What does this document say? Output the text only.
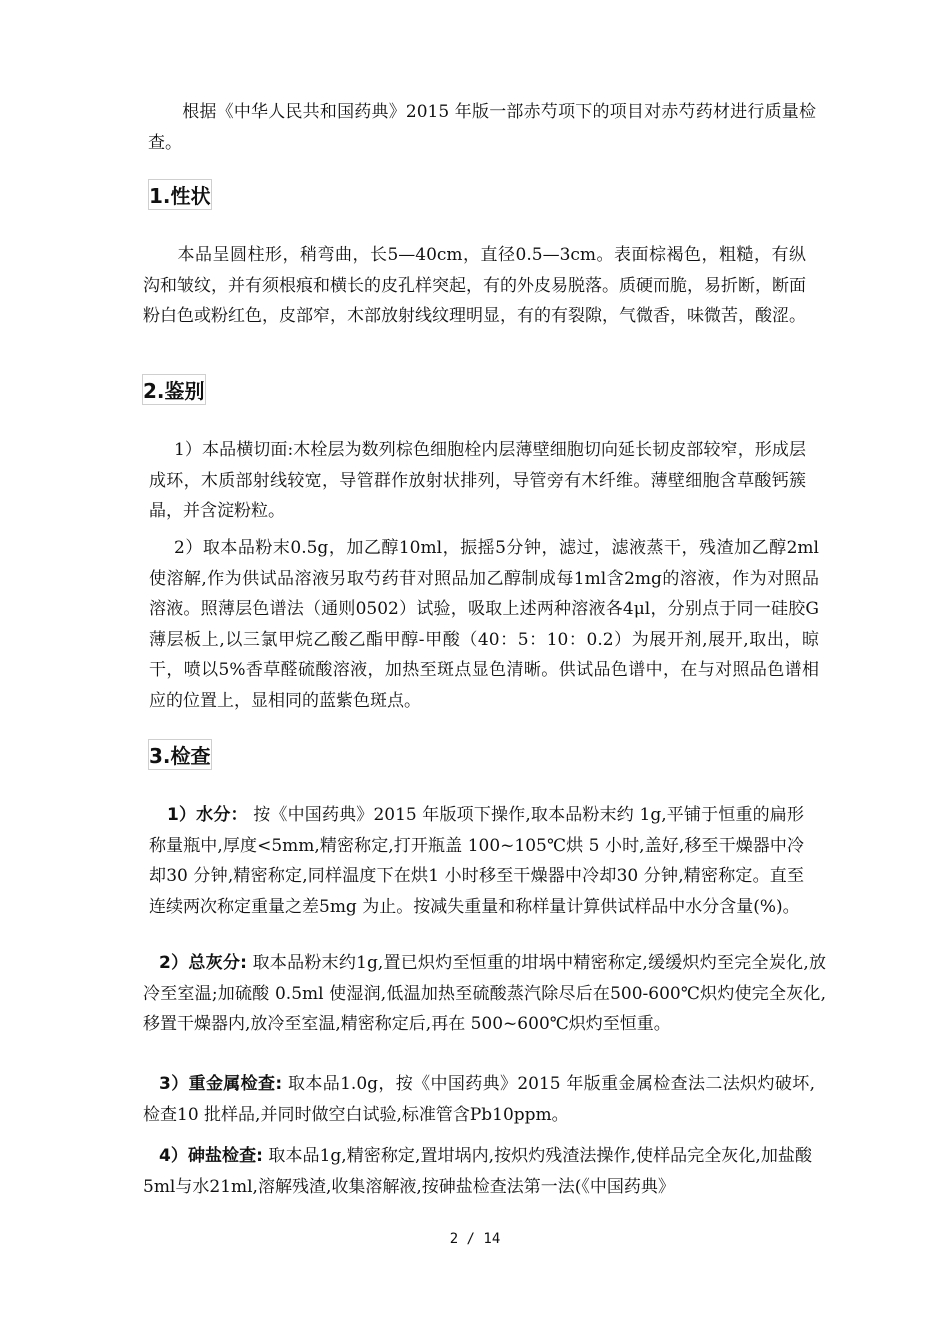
根据《中华人民共和国药典》2015 年版一部赤芍项下的项目对赤芍药材进行质量检查。

1.性状

本品呈圆柱形，稍弯曲，长5—40cm，直径0.5—3cm。表面棕褐色，粗糙，有纵沟和皱纹，并有须根痕和横长的皮孔样突起，有的外皮易脱落。质硬而脆，易折断，断面粉白色或粉红色，皮部窄，木部放射线纹理明显，有的有裂隙，气微香，味微苦，酸涩。

2.鉴别

1）本品横切面:木栓层为数列棕色细胞栓内层薄壁细胞切向延长韧皮部较窄，形成层成环，木质部射线较宽，导管群作放射状排列，导管旁有木纤维。薄壁细胞含草酸钙簇晶，并含淀粉粒。

2）取本品粉末0.5g，加乙醇10ml，振摇5分钟，滤过，滤液蒸干，残渣加乙醇2ml使溶解,作为供试品溶液另取芍药苷对照品加乙醇制成每1ml含2mg的溶液，作为对照品溶液。照薄层色谱法（通则0502）试验，吸取上述两种溶液各4μl，分别点于同一硅胶G薄层板上,以三氯甲烷乙酸乙酯甲醇-甲酸（40：5：10：0.2）为展开剂,展开,取出，晾干，喷以5%香草醛硫酸溶液，加热至斑点显色清晰。供试品色谱中，在与对照品色谱相应的位置上，显相同的蓝紫色斑点。

3.检查

1）水分： 按《中国药典》2015 年版项下操作,取本品粉末约 1g,平铺于恒重的扁形称量瓶中,厚度<5mm,精密称定,打开瓶盖 100~105℃烘 5 小时,盖好,移至干燥器中冷却30 分钟,精密称定,同样温度下在烘1 小时移至干燥器中冷却30 分钟,精密称定。直至连续两次称定重量之差5mg 为止。按减失重量和称样量计算供试样品中水分含量(%)。

2）总灰分: 取本品粉末约1g,置已炽灼至恒重的坩埚中精密称定,缓缓炽灼至完全炭化,放冷至室温;加硫酸 0.5ml 使湿润,低温加热至硫酸蒸汽除尽后在500-600℃炽灼使完全灰化,移置干燥器内,放冷至室温,精密称定后,再在 500~600℃炽灼至恒重。

3）重金属检查: 取本品1.0g，按《中国药典》2015 年版重金属检查法二法炽灼破坏,检查10 批样品,并同时做空白试验,标准管含Pb10ppm。

4）砷盐检查: 取本品1g,精密称定,置坩埚内,按炽灼残渣法操作,使样品完全灰化,加盐酸5ml与水21ml,溶解残渣,收集溶解液,按砷盐检查法第一法(《中国药典》

2 / 14
